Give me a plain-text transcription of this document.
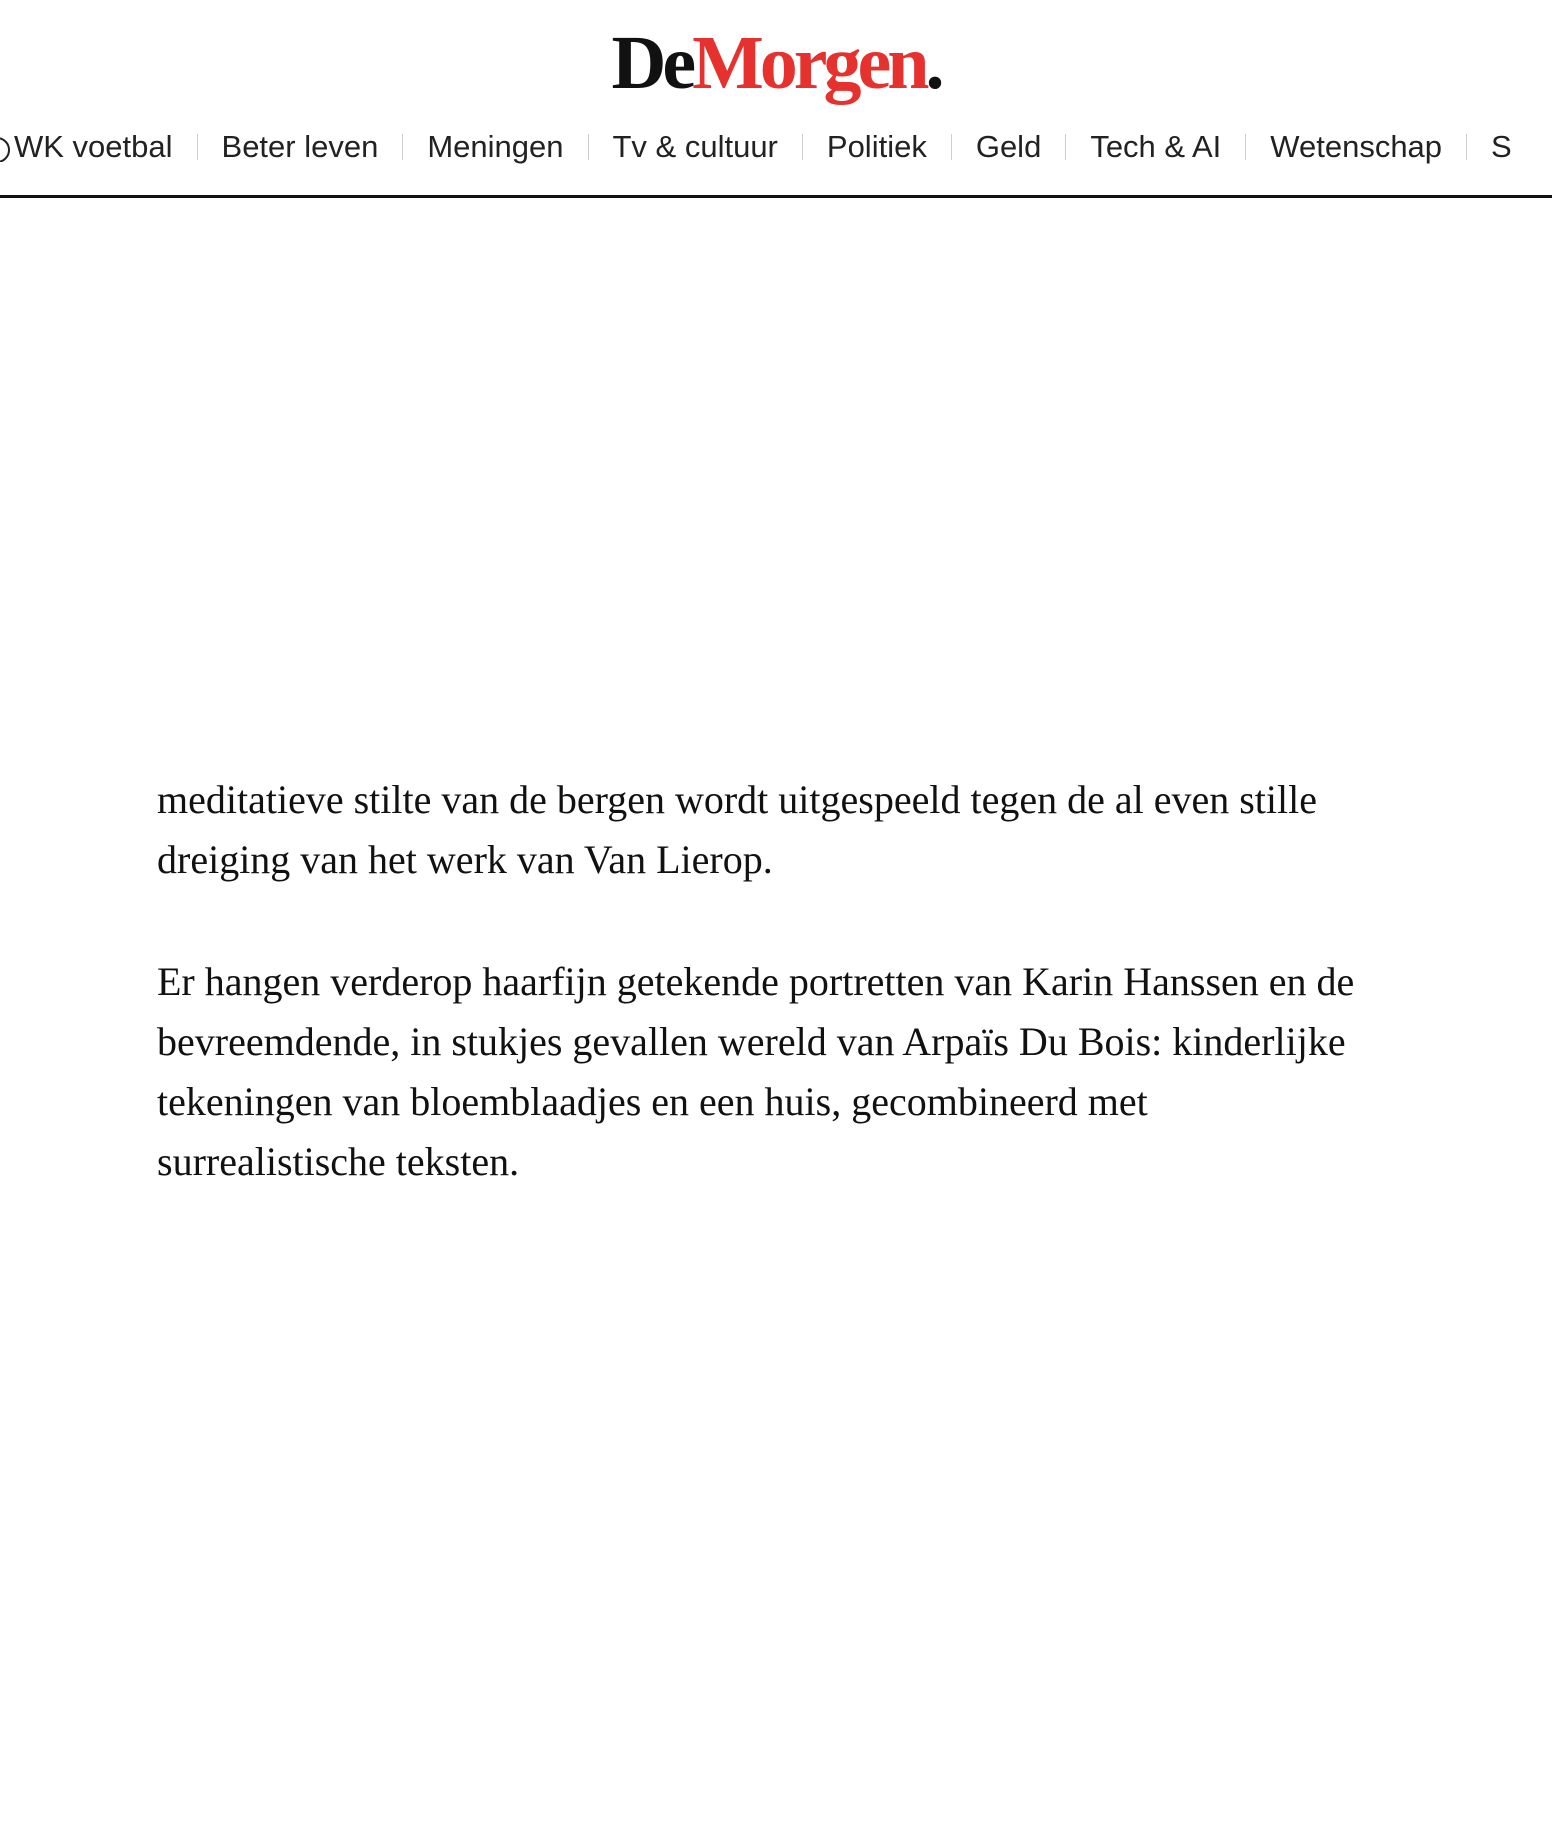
DeMorgen.
WK voetbal	Beter leven	Meningen	Tv & cultuur	Politiek	Geld	Tech & AI	Wetenschap	S

meditatieve stilte van de bergen wordt uitgespeeld tegen de al even stille dreiging van het werk van Van Lierop.

Er hangen verderop haarfijn getekende portretten van Karin Hanssen en de bevreemdende, in stukjes gevallen wereld van Arpaïs Du Bois: kinderlijke tekeningen van bloemblaadjes en een huis, gecombineerd met surrealistische teksten.
